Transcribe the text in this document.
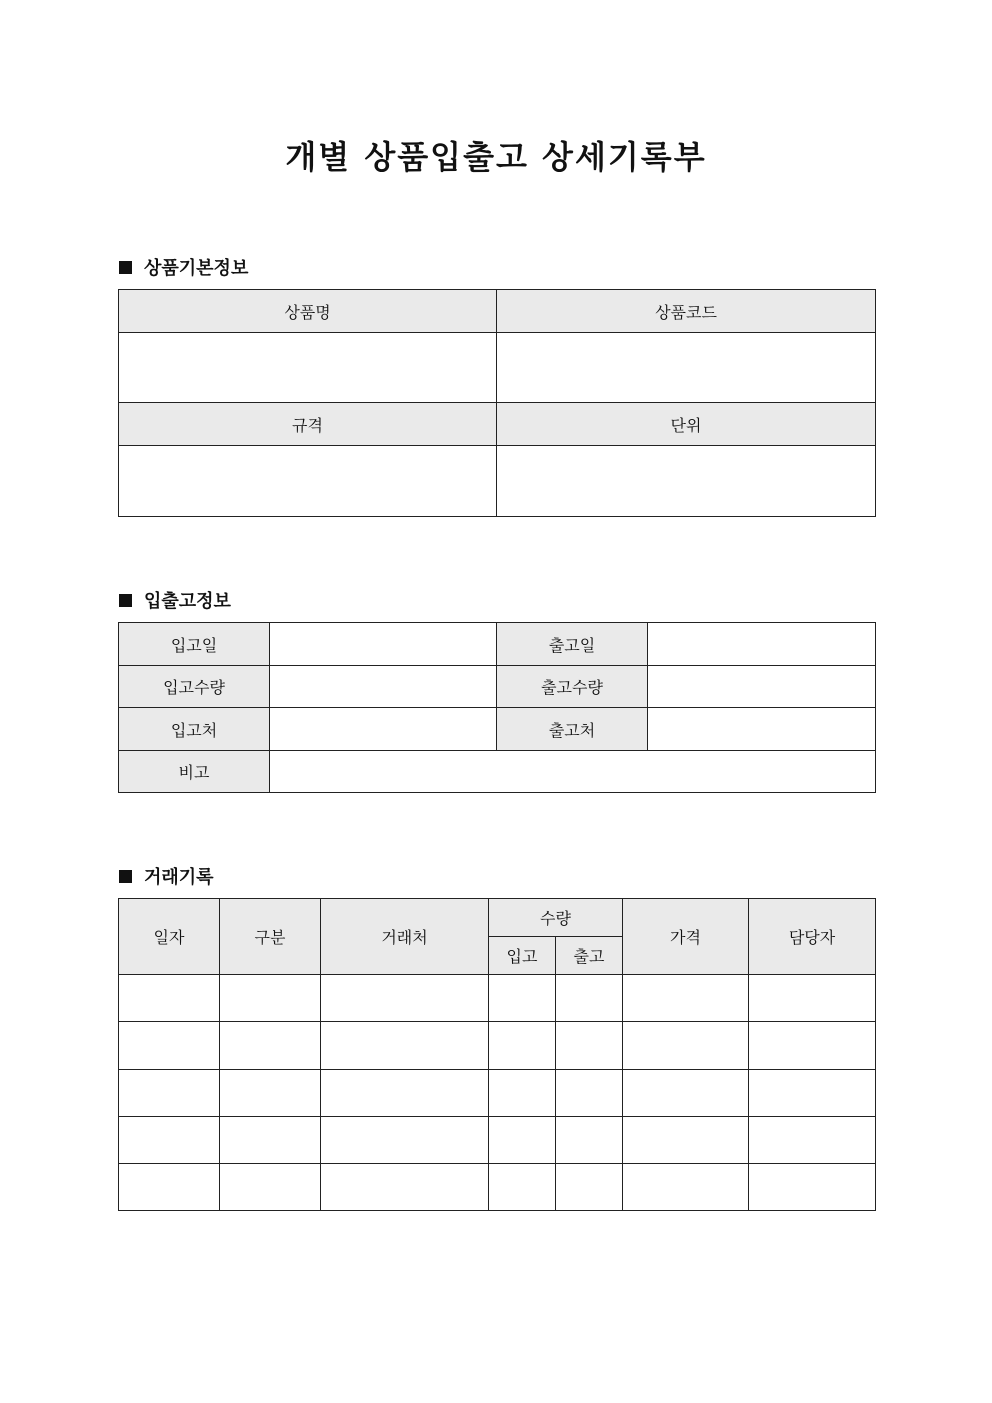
개별 상품입출고 상세기록부
상품기본정보
상품명	상품코드

규격	단위

입출고정보
입고일		출고일	
입고수량		출고수량	
입고처		출고처	
비고			
거래기록
일자	구분	거래처	수량		가격	담당자
			입고	출고		
